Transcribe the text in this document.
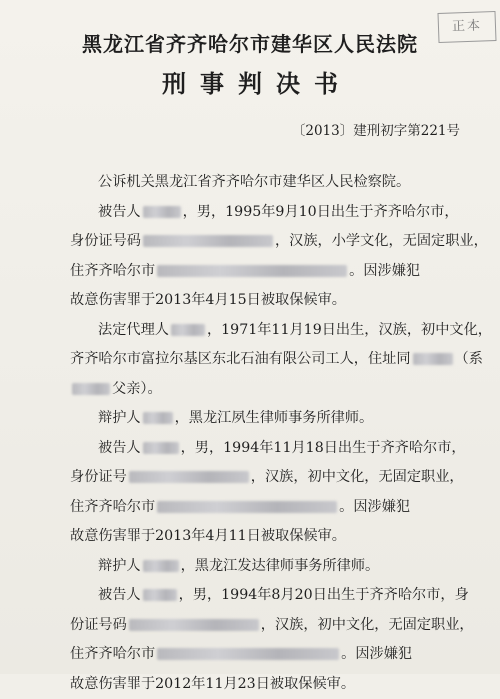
正本
黑龙江省齐齐哈尔市建华区人民法院
刑事判决书
〔2013〕建刑初字第221号
公诉机关黑龙江省齐齐哈尔市建华区人民检察院。
被告人	，男，1995年9月10日出生于齐齐哈尔市，
身份证号码	，汉族，小学文化，无固定职业，
住齐齐哈尔市	。因涉嫌犯
故意伤害罪于2013年4月15日被取保候审。
法定代理人	，1971年11月19日出生，汉族，初中文化，
齐齐哈尔市富拉尔基区东北石油有限公司工人，住址同	（系
父亲）。
辩护人 ，黑龙江夙生律师事务所律师。
被告人	，男，1994年11月18日出生于齐齐哈尔市，
身份证号	，汉族，初中文化，无固定职业，
住齐齐哈尔市	。因涉嫌犯
故意伤害罪于2013年4月11日被取保候审。
辩护人	，黑龙江发达律师事务所律师。
被告人	，男，1994年8月20日出生于齐齐哈尔市，身
份证号码	，汉族，初中文化，无固定职业，
住齐齐哈尔市	。因涉嫌犯
故意伤害罪于2012年11月23日被取保候审。
